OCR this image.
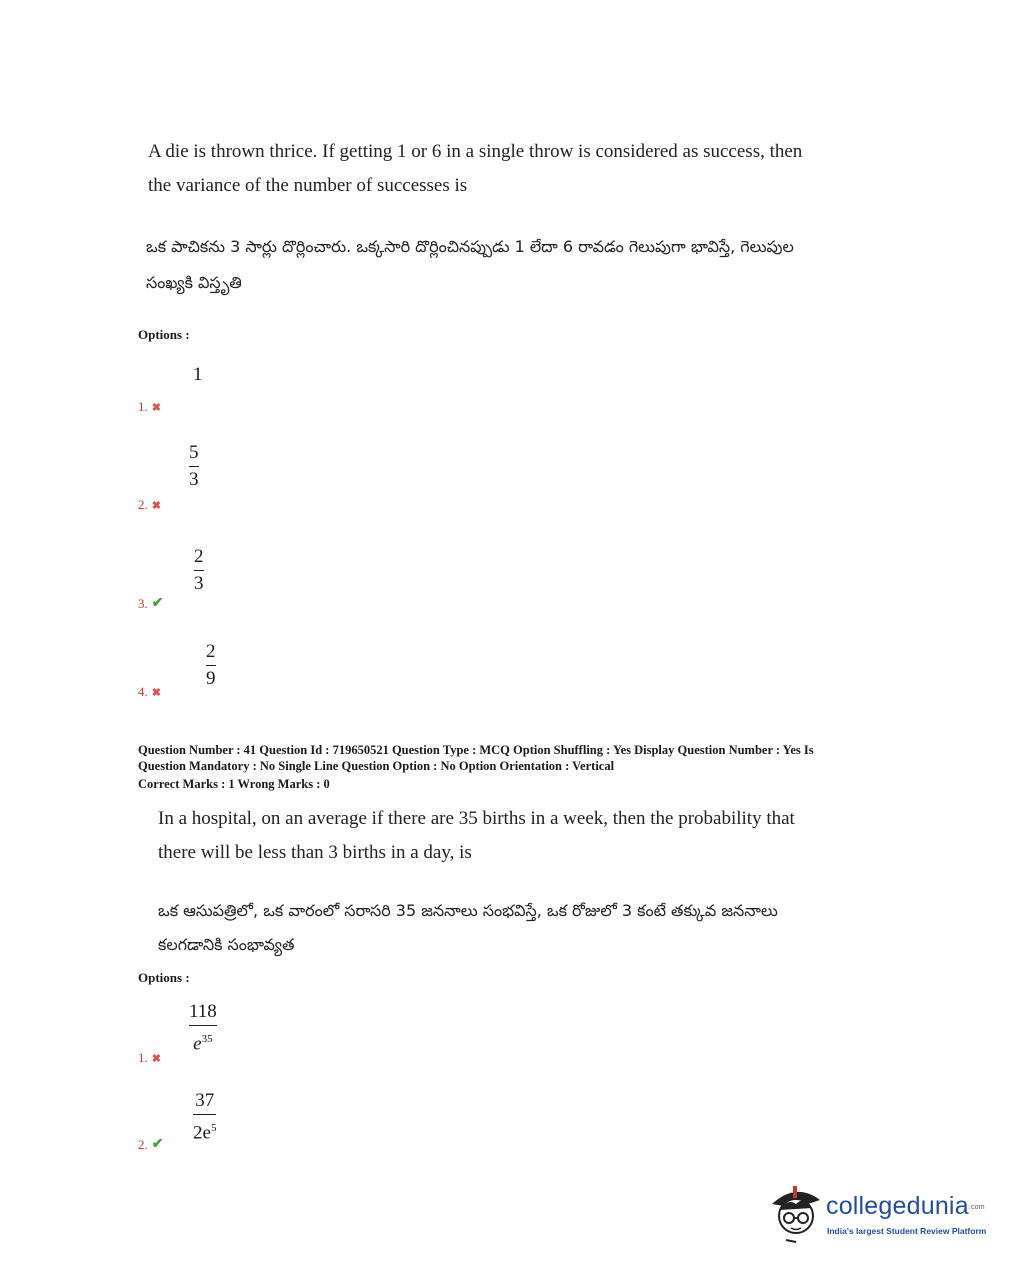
A die is thrown thrice. If getting 1 or 6 in a single throw is considered as success, then
the variance of the number of successes is
ఒక పాచికను 3 సార్లు దొర్లించారు. ఒక్కసారి దొర్లించినప్పుడు 1 లేదా 6 రావడం గెలుపుగా భావిస్తే, గెలుపుల
సంఖ్యకి విస్తృతి
Options :
1
1. ✖
5
3
2. ✖
2
3
3. ✔
2
9
4. ✖
Question Number : 41 Question Id : 719650521 Question Type : MCQ Option Shuffling : Yes Display Question Number : Yes Is
Question Mandatory : No Single Line Question Option : No Option Orientation : Vertical
Correct Marks : 1 Wrong Marks : 0
In a hospital, on an average if there are 35 births in a week, then the probability that
there will be less than 3 births in a day, is
ఒక ఆసుపత్రిలో, ఒక వారంలో సరాసరి 35 జననాలు సంభవిస్తే, ఒక రోజులో 3 కంటే తక్కువ జననాలు
కలగడానికి సంభావ్యత
Options :
118
$e^{35}$
1. ✖
37
$2e^5$
2. ✔
collegedunia.com
India's largest Student Review Platform
